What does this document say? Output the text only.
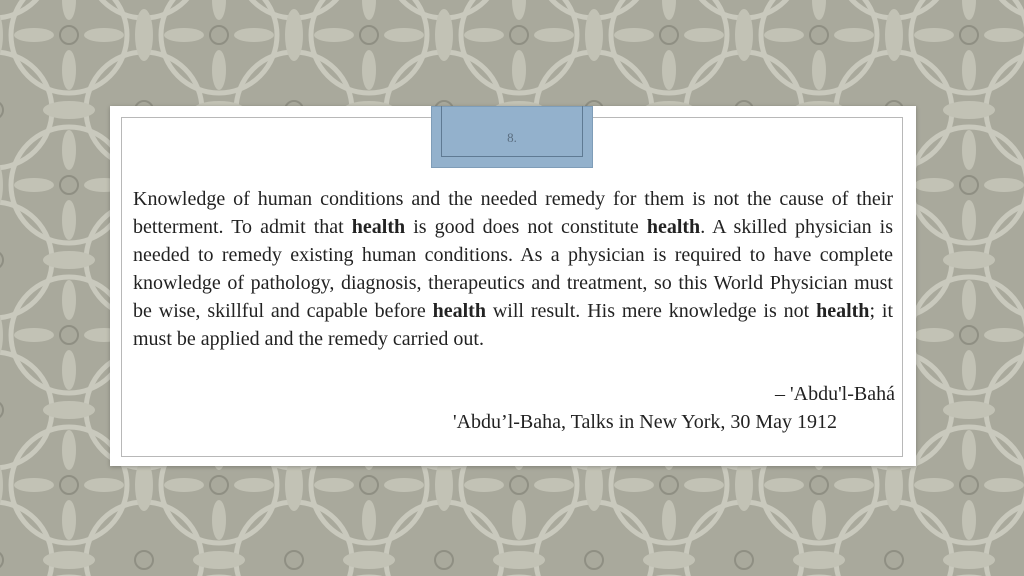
8.

Knowledge of human conditions and the needed remedy for them is not the cause of their betterment. To admit that health is good does not constitute health. A skilled physician is needed to remedy existing human conditions. As a physician is required to have complete knowledge of pathology, diagnosis, therapeutics and treatment, so this World Physician must be wise, skillful and capable before health will result. His mere knowledge is not health; it must be applied and the remedy carried out.

– 'Abdu'l-Bahá

'Abdu’l-Baha, Talks in New York, 30 May 1912
